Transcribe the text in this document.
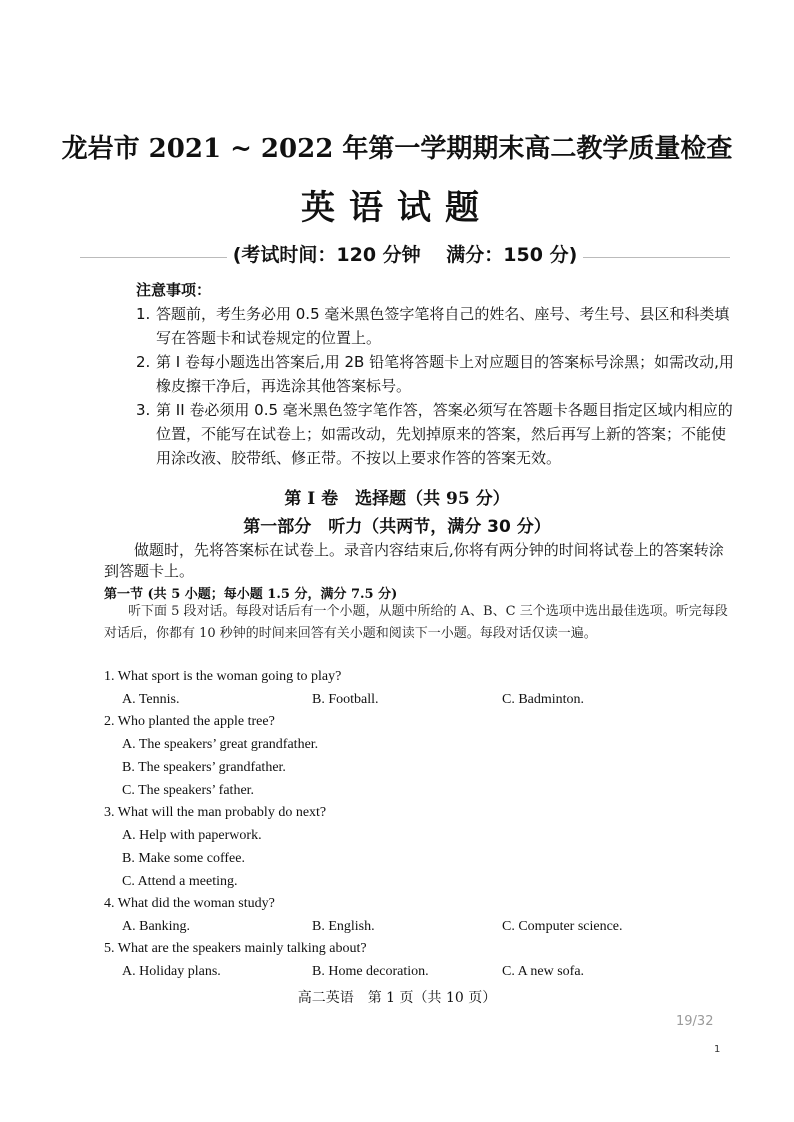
龙岩市 2021 ~ 2022 年第一学期期末高二教学质量检查
英语试题
(考试时间：120 分钟　 满分：150 分)
注意事项：
1. 答题前，考生务必用 0.5 毫米黑色签字笔将自己的姓名、座号、考生号、县区和科类填写在答题卡和试卷规定的位置上。
2. 第 I 卷每小题选出答案后,用 2B 铅笔将答题卡上对应题目的答案标号涂黑；如需改动,用橡皮擦干净后，再选涂其他答案标号。
3. 第 II 卷必须用 0.5 毫米黑色签字笔作答，答案必须写在答题卡各题目指定区域内相应的位置，不能写在试卷上；如需改动，先划掉原来的答案，然后再写上新的答案；不能使用涂改液、胶带纸、修正带。不按以上要求作答的答案无效。
第 I 卷　选择题（共 95 分）
第一部分　听力（共两节，满分 30 分）
做题时，先将答案标在试卷上。录音内容结束后,你将有两分钟的时间将试卷上的答案转涂到答题卡上。
第一节 (共 5 小题；每小题 1.5 分，满分 7.5 分)
听下面 5 段对话。每段对话后有一个小题，从题中所给的 A、B、C 三个选项中选出最佳选项。听完每段对话后，你都有 10 秒钟的时间来回答有关小题和阅读下一小题。每段对话仅读一遍。
1. What sport is the woman going to play?
A. Tennis.	B. Football.	C. Badminton.
2. Who planted the apple tree?
A. The speakers’ great grandfather.
B. The speakers’ grandfather.
C. The speakers’ father.
3. What will the man probably do next?
A. Help with paperwork.
B. Make some coffee.
C. Attend a meeting.
4. What did the woman study?
A. Banking.	B. English.	C. Computer science.
5. What are the speakers mainly talking about?
A. Holiday plans.	B. Home decoration.	C. A new sofa.
高二英语　第 1 页（共 10 页）
19/32
1
